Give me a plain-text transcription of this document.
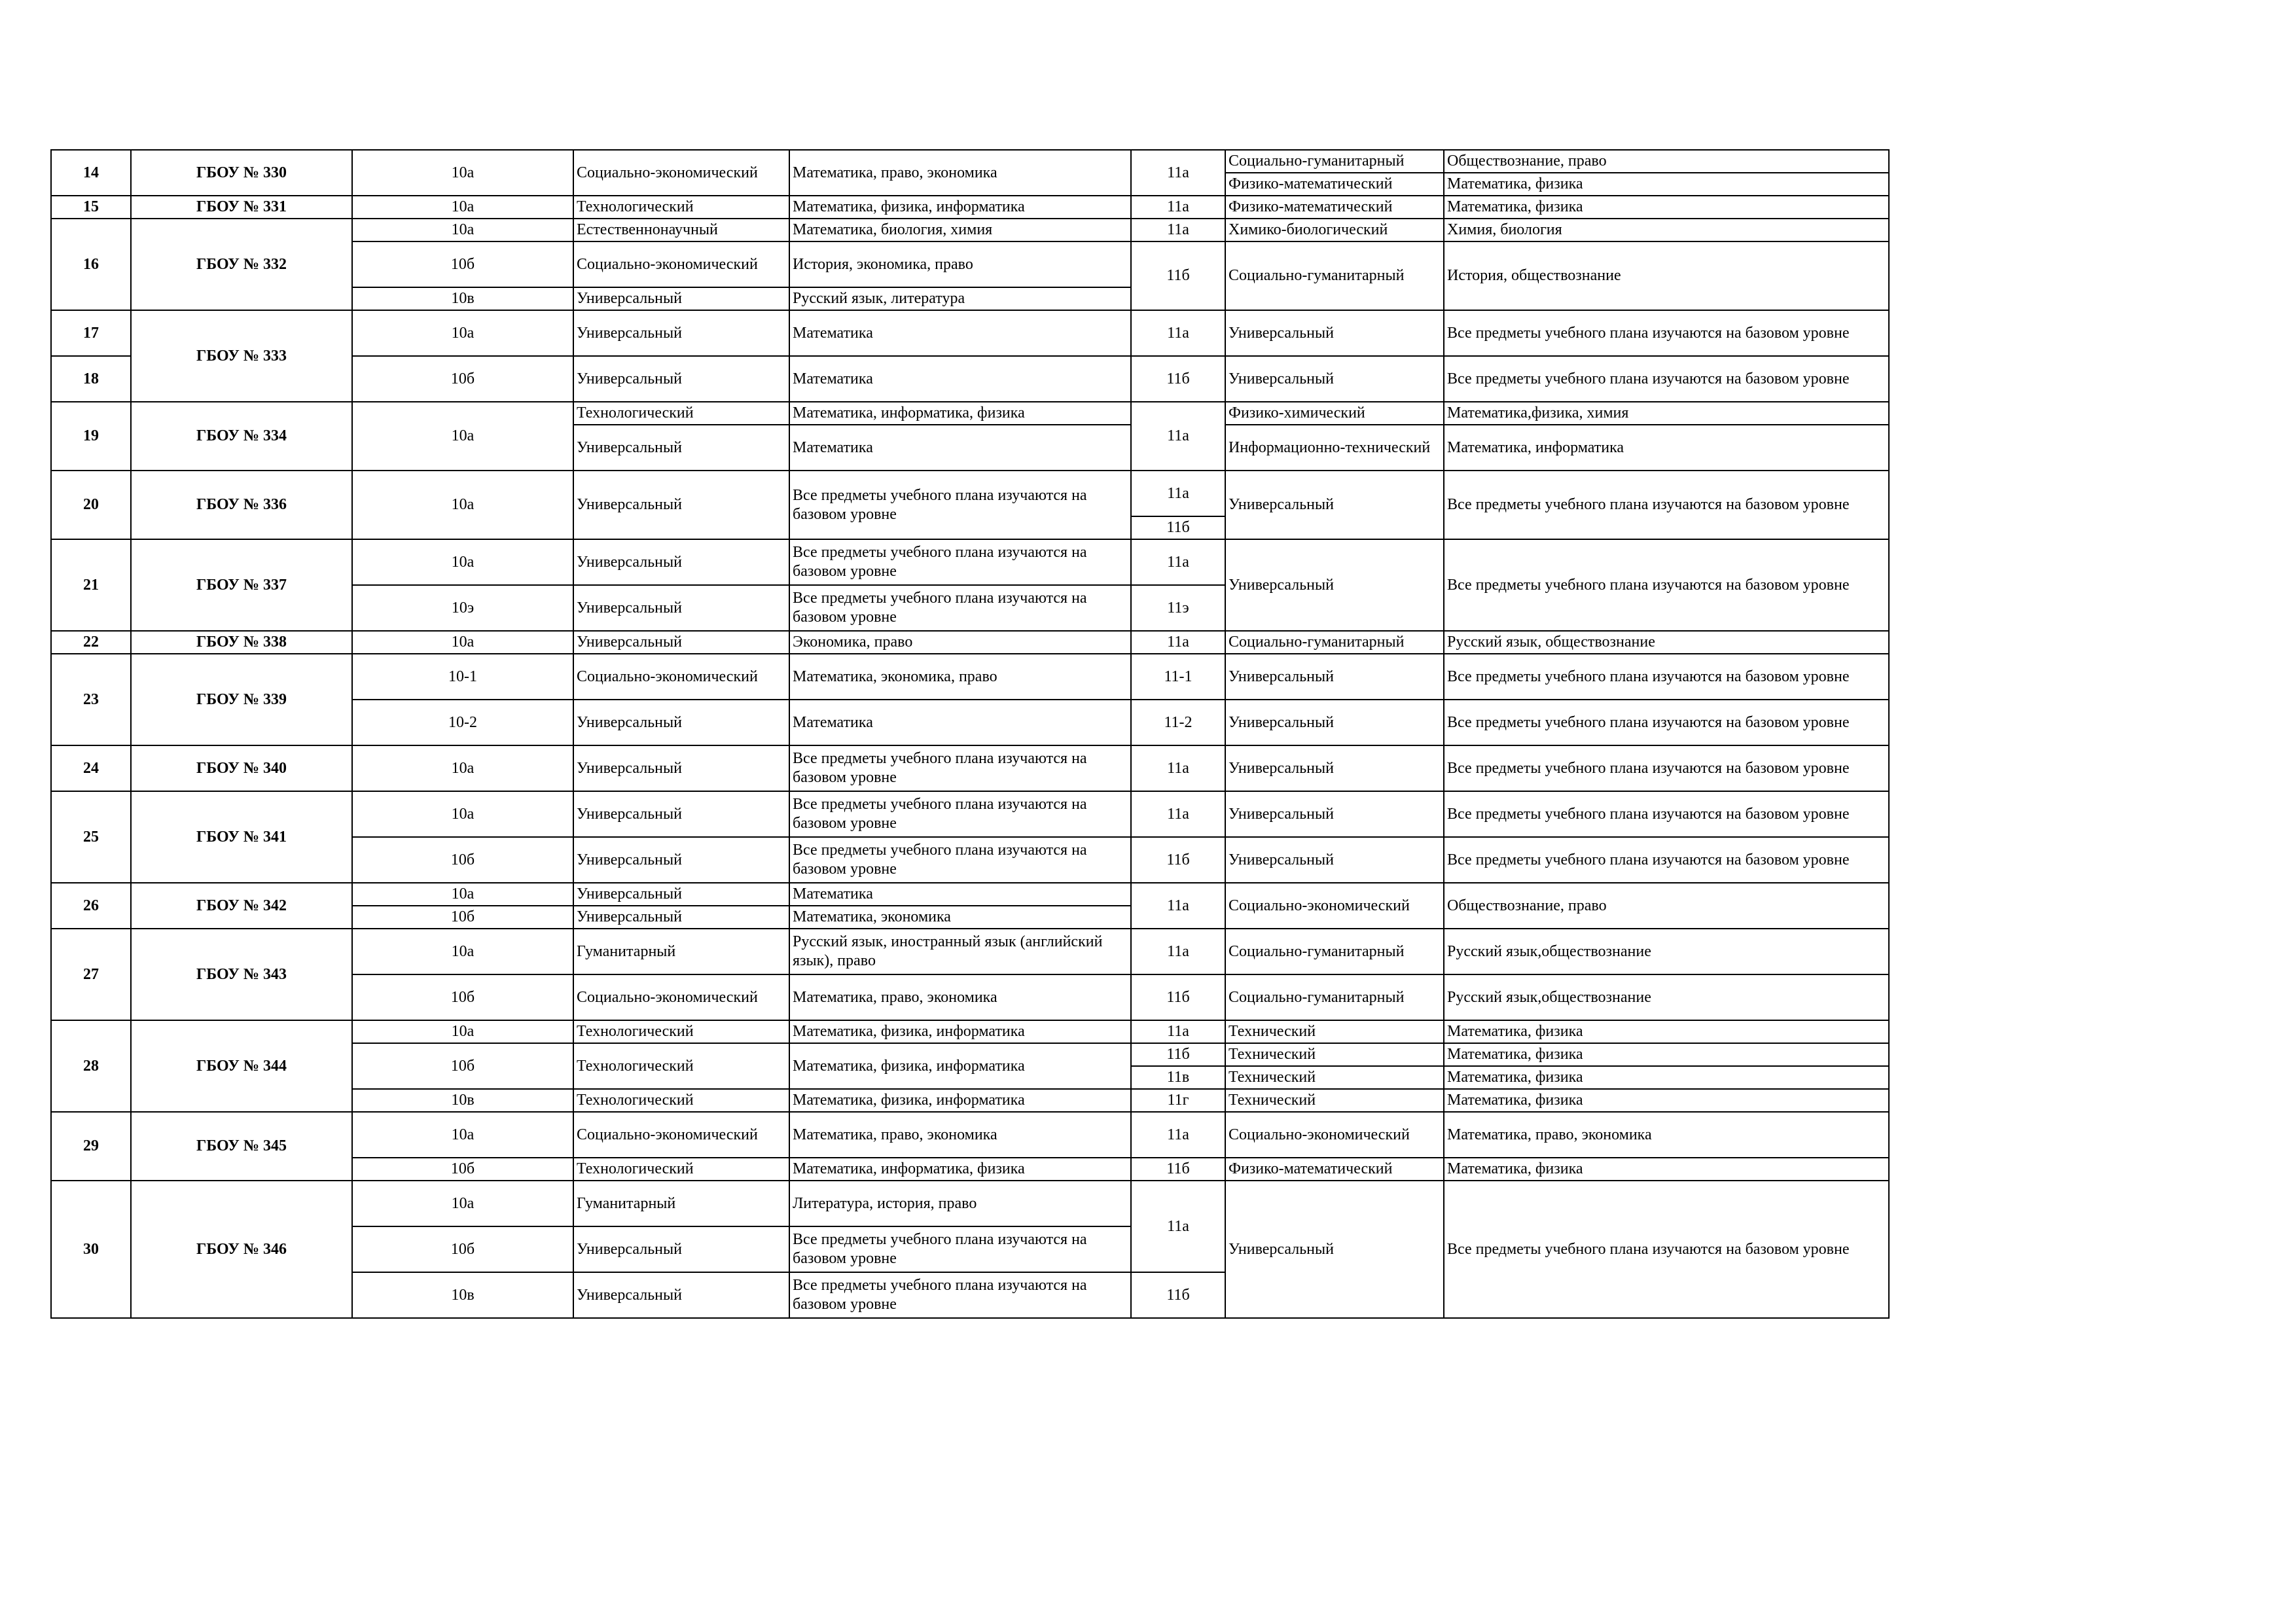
14	ГБОУ № 330	10а	Социально-экономический	Математика, право, экономика	11а	Социально-гуманитарный	Обществознание, право
						Физико-математический	Математика, физика
15	ГБОУ № 331	10а	Технологический	Математика, физика, информатика	11а	Физико-математический	Математика, физика
16	ГБОУ № 332	10а	Естественнонаучный	Математика, биология, химия	11а	Химико-биологический	Химия, биология
		10б	Социально-экономический	История, экономика, право	11б	Социально-гуманитарный	История, обществознание
		10в	Универсальный	Русский язык, литература			
17	ГБОУ № 333	10а	Универсальный	Математика	11а	Универсальный	Все предметы учебного плана изучаются на базовом уровне
18		10б	Универсальный	Математика	11б	Универсальный	Все предметы учебного плана изучаются на базовом уровне
19	ГБОУ № 334	10а	Технологический	Математика, информатика, физика	11а	Физико-химический	Математика,физика, химия
			Универсальный	Математика		Информационно-технический	Математика, информатика
20	ГБОУ № 336	10а	Универсальный	Все предметы учебного плана изучаются на базовом уровне	11а	Универсальный	Все предметы учебного плана изучаются на базовом уровне
					11б		
21	ГБОУ № 337	10а	Универсальный	Все предметы учебного плана изучаются на базовом уровне	11а	Универсальный	Все предметы учебного плана изучаются на базовом уровне
		10э	Универсальный	Все предметы учебного плана изучаются на базовом уровне	11э		
22	ГБОУ № 338	10а	Универсальный	Экономика, право	11а	Социально-гуманитарный	Русский язык, обществознание
23	ГБОУ № 339	10-1	Социально-экономический	Математика, экономика, право	11-1	Универсальный	Все предметы учебного плана изучаются на базовом уровне
		10-2	Универсальный	Математика	11-2	Универсальный	Все предметы учебного плана изучаются на базовом уровне
24	ГБОУ № 340	10а	Универсальный	Все предметы учебного плана изучаются на базовом уровне	11а	Универсальный	Все предметы учебного плана изучаются на базовом уровне
25	ГБОУ № 341	10а	Универсальный	Все предметы учебного плана изучаются на базовом уровне	11а	Универсальный	Все предметы учебного плана изучаются на базовом уровне
		10б	Универсальный	Все предметы учебного плана изучаются на базовом уровне	11б	Универсальный	Все предметы учебного плана изучаются на базовом уровне
26	ГБОУ № 342	10а	Универсальный	Математика	11а	Социально-экономический	Обществознание, право
		10б	Универсальный	Математика, экономика			
27	ГБОУ № 343	10а	Гуманитарный	Русский язык, иностранный язык (английский язык), право	11а	Социально-гуманитарный	Русский язык,обществознание
		10б	Социально-экономический	Математика, право, экономика	11б	Социально-гуманитарный	Русский язык,обществознание
28	ГБОУ № 344	10а	Технологический	Математика, физика, информатика	11а	Технический	Математика, физика
		10б	Технологический	Математика, физика, информатика	11б	Технический	Математика, физика
					11в	Технический	Математика, физика
		10в	Технологический	Математика, физика, информатика	11г	Технический	Математика, физика
29	ГБОУ № 345	10а	Социально-экономический	Математика, право, экономика	11а	Социально-экономический	Математика, право, экономика
		10б	Технологический	Математика, информатика, физика	11б	Физико-математический	Математика, физика
30	ГБОУ № 346	10а	Гуманитарный	Литература, история, право	11а	Универсальный	Все предметы учебного плана изучаются на базовом уровне
		10б	Универсальный	Все предметы учебного плана изучаются на базовом уровне			
		10в	Универсальный	Все предметы учебного плана изучаются на базовом уровне	11б		
